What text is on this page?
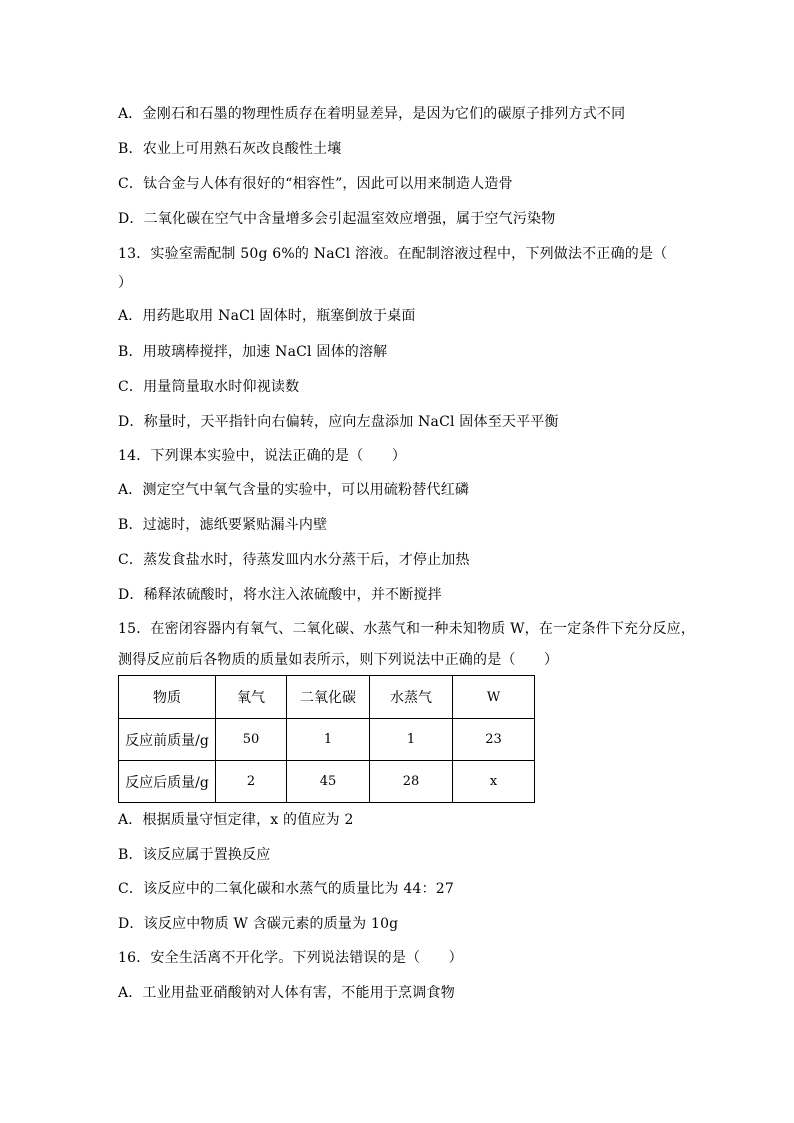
A．金刚石和石墨的物理性质存在着明显差异，是因为它们的碳原子排列方式不同
B．农业上可用熟石灰改良酸性土壤
C．钛合金与人体有很好的“相容性”，因此可以用来制造人造骨
D．二氧化碳在空气中含量增多会引起温室效应增强，属于空气污染物
13．实验室需配制 50g 6%的 NaCl 溶液。在配制溶液过程中，下列做法不正确的是（
）
A．用药匙取用 NaCl 固体时，瓶塞倒放于桌面
B．用玻璃棒搅拌，加速 NaCl 固体的溶解
C．用量筒量取水时仰视读数
D．称量时，天平指针向右偏转，应向左盘添加 NaCl 固体至天平平衡
14．下列课本实验中，说法正确的是（　　）
A．测定空气中氧气含量的实验中，可以用硫粉替代红磷
B．过滤时，滤纸要紧贴漏斗内壁
C．蒸发食盐水时，待蒸发皿内水分蒸干后，才停止加热
D．稀释浓硫酸时，将水注入浓硫酸中，并不断搅拌
15．在密闭容器内有氧气、二氧化碳、水蒸气和一种未知物质 W，在一定条件下充分反应，
测得反应前后各物质的质量如表所示，则下列说法中正确的是（　　）
物质	氧气	二氧化碳	水蒸气	W
反应前质量/g	50	1	1	23
反应后质量/g	2	45	28	x
A．根据质量守恒定律，x 的值应为 2
B．该反应属于置换反应
C．该反应中的二氧化碳和水蒸气的质量比为 44：27
D．该反应中物质 W 含碳元素的质量为 10g
16．安全生活离不开化学。下列说法错误的是（　　）
A．工业用盐亚硝酸钠对人体有害，不能用于烹调食物
